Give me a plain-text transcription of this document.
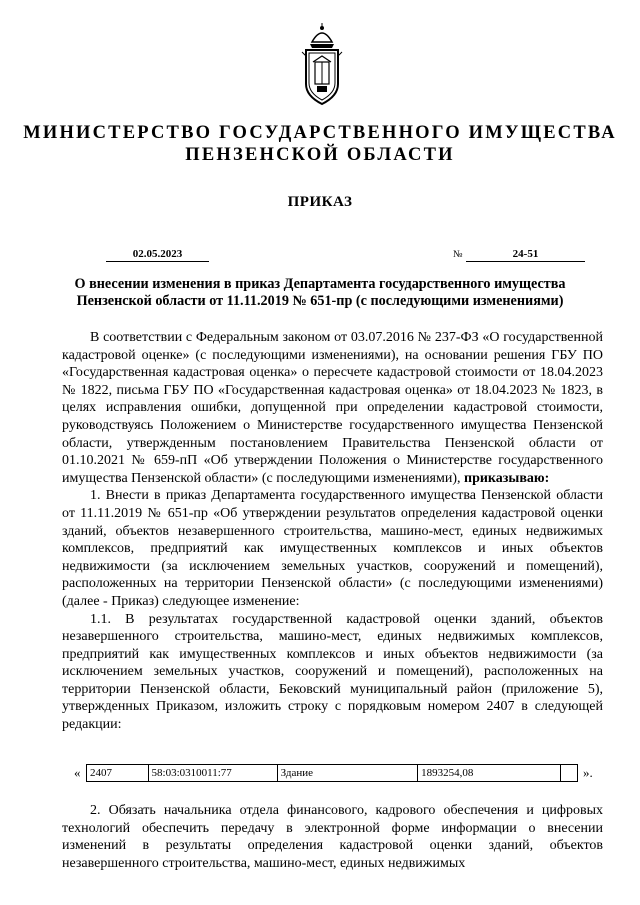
МИНИСТЕРСТВО ГОСУДАРСТВЕННОГО ИМУЩЕСТВА
ПЕНЗЕНСКОЙ ОБЛАСТИ
ПРИКАЗ
02.05.2023	№	24-51
О внесении изменения в приказ Департамента государственного имущества
Пензенской области от 11.11.2019 № 651-пр (с последующими изменениями)

В соответствии с Федеральным законом от 03.07.2016 № 237-ФЗ «О государственной кадастровой оценке» (с последующими изменениями), на основании решения ГБУ ПО «Государственная кадастровая оценка» о пересчете кадастровой стоимости от 18.04.2023 № 1822, письма ГБУ ПО «Государственная кадастровая оценка» от 18.04.2023 № 1823, в целях исправления ошибки, допущенной при определении кадастровой стоимости, руководствуясь Положением о Министерстве государственного имущества Пензенской области, утвержденным постановлением Правительства Пензенской области от 01.10.2021 № 659-пП «Об утверждении Положения о Министерстве государственного имущества Пензенской области» (с последующими изменениями), приказываю:

1. Внести в приказ Департамента государственного имущества Пензенской области от 11.11.2019 № 651-пр «Об утверждении результатов определения кадастровой оценки зданий, объектов незавершенного строительства, машино-мест, единых недвижимых комплексов, предприятий как имущественных комплексов и иных объектов недвижимости (за исключением земельных участков, сооружений и помещений), расположенных на территории Пензенской области» (с последующими изменениями) (далее - Приказ) следующее изменение:

1.1. В результатах государственной кадастровой оценки зданий, объектов незавершенного строительства, машино-мест, единых недвижимых комплексов, предприятий как имущественных комплексов и иных объектов недвижимости (за исключением земельных участков, сооружений и помещений), расположенных на территории Пензенской области, Бековский муниципальный район (приложение 5), утвержденных Приказом, изложить строку с порядковым номером 2407 в следующей редакции:

« 2407	58:03:0310011:77	Здание	1893254,08		».

2. Обязать начальника отдела финансового, кадрового обеспечения и цифровых технологий обеспечить передачу в электронной форме информации о внесении изменений в результаты определения кадастровой оценки зданий, объектов незавершенного строительства, машино-мест, единых недвижимых
